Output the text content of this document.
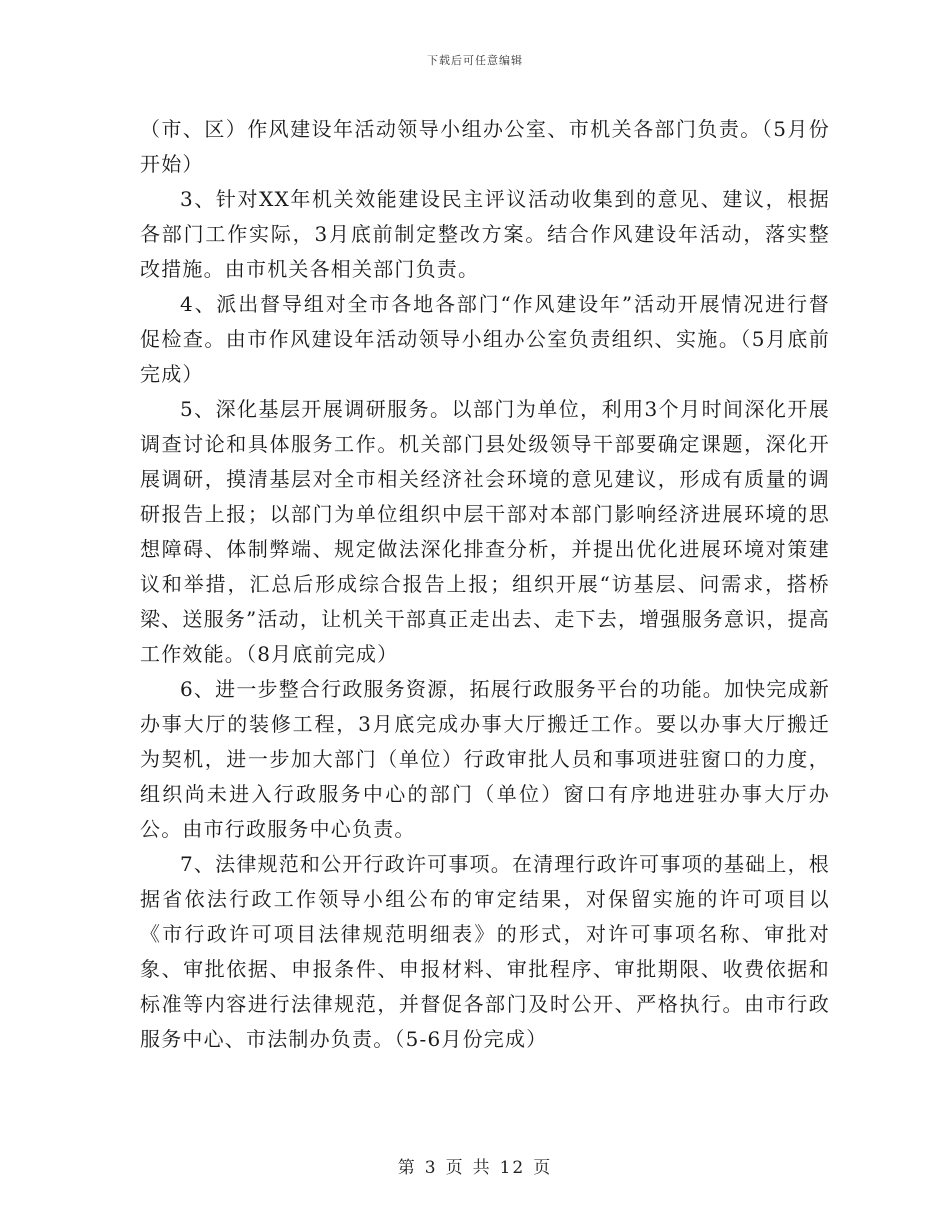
下载后可任意编辑

（市、区）作风建设年活动领导小组办公室、市机关各部门负责。（5月份开始）

3、针对XX年机关效能建设民主评议活动收集到的意见、建议，根据各部门工作实际，3月底前制定整改方案。结合作风建设年活动，落实整改措施。由市机关各相关部门负责。

4、派出督导组对全市各地各部门“作风建设年”活动开展情况进行督促检查。由市作风建设年活动领导小组办公室负责组织、实施。（5月底前完成）

5、深化基层开展调研服务。以部门为单位，利用3个月时间深化开展调查讨论和具体服务工作。机关部门县处级领导干部要确定课题，深化开展调研，摸清基层对全市相关经济社会环境的意见建议，形成有质量的调研报告上报；以部门为单位组织中层干部对本部门影响经济进展环境的思想障碍、体制弊端、规定做法深化排查分析，并提出优化进展环境对策建议和举措，汇总后形成综合报告上报；组织开展“访基层、问需求，搭桥梁、送服务”活动，让机关干部真正走出去、走下去，增强服务意识，提高工作效能。（8月底前完成）

6、进一步整合行政服务资源，拓展行政服务平台的功能。加快完成新办事大厅的装修工程，3月底完成办事大厅搬迁工作。要以办事大厅搬迁为契机，进一步加大部门（单位）行政审批人员和事项进驻窗口的力度，组织尚未进入行政服务中心的部门（单位）窗口有序地进驻办事大厅办公。由市行政服务中心负责。

7、法律规范和公开行政许可事项。在清理行政许可事项的基础上，根据省依法行政工作领导小组公布的审定结果，对保留实施的许可项目以《市行政许可项目法律规范明细表》的形式，对许可事项名称、审批对象、审批依据、申报条件、申报材料、审批程序、审批期限、收费依据和标准等内容进行法律规范，并督促各部门及时公开、严格执行。由市行政服务中心、市法制办负责。（5-6月份完成）

第 3 页 共 12 页
